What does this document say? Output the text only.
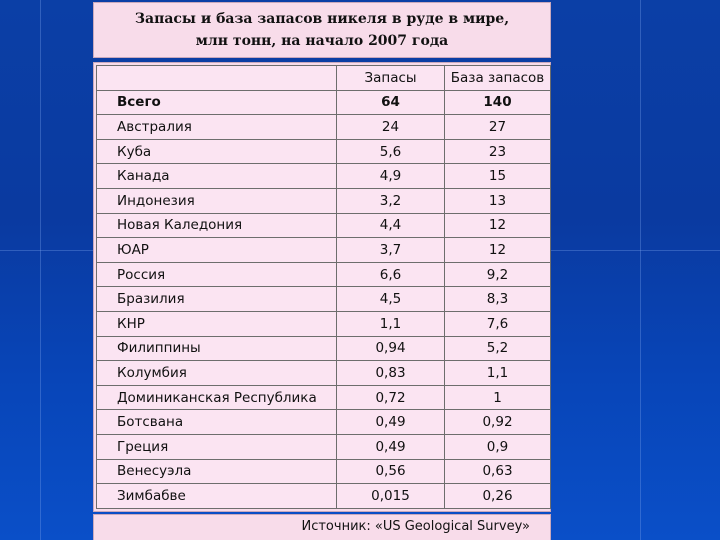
Запасы и база запасов никеля в руде в мире,
млн тонн, на начало 2007 года
	Запасы	База запасов
Всего	64	140
Австралия	24	27
Куба	5,6	23
Канада	4,9	15
Индонезия	3,2	13
Новая Каледония	4,4	12
ЮАР	3,7	12
Россия	6,6	9,2
Бразилия	4,5	8,3
КНР	1,1	7,6
Филиппины	0,94	5,2
Колумбия	0,83	1,1
Доминиканская Республика	0,72	1
Ботсвана	0,49	0,92
Греция	0,49	0,9
Венесуэла	0,56	0,63
Зимбабве	0,015	0,26
Источник: «US Geological Survey»
